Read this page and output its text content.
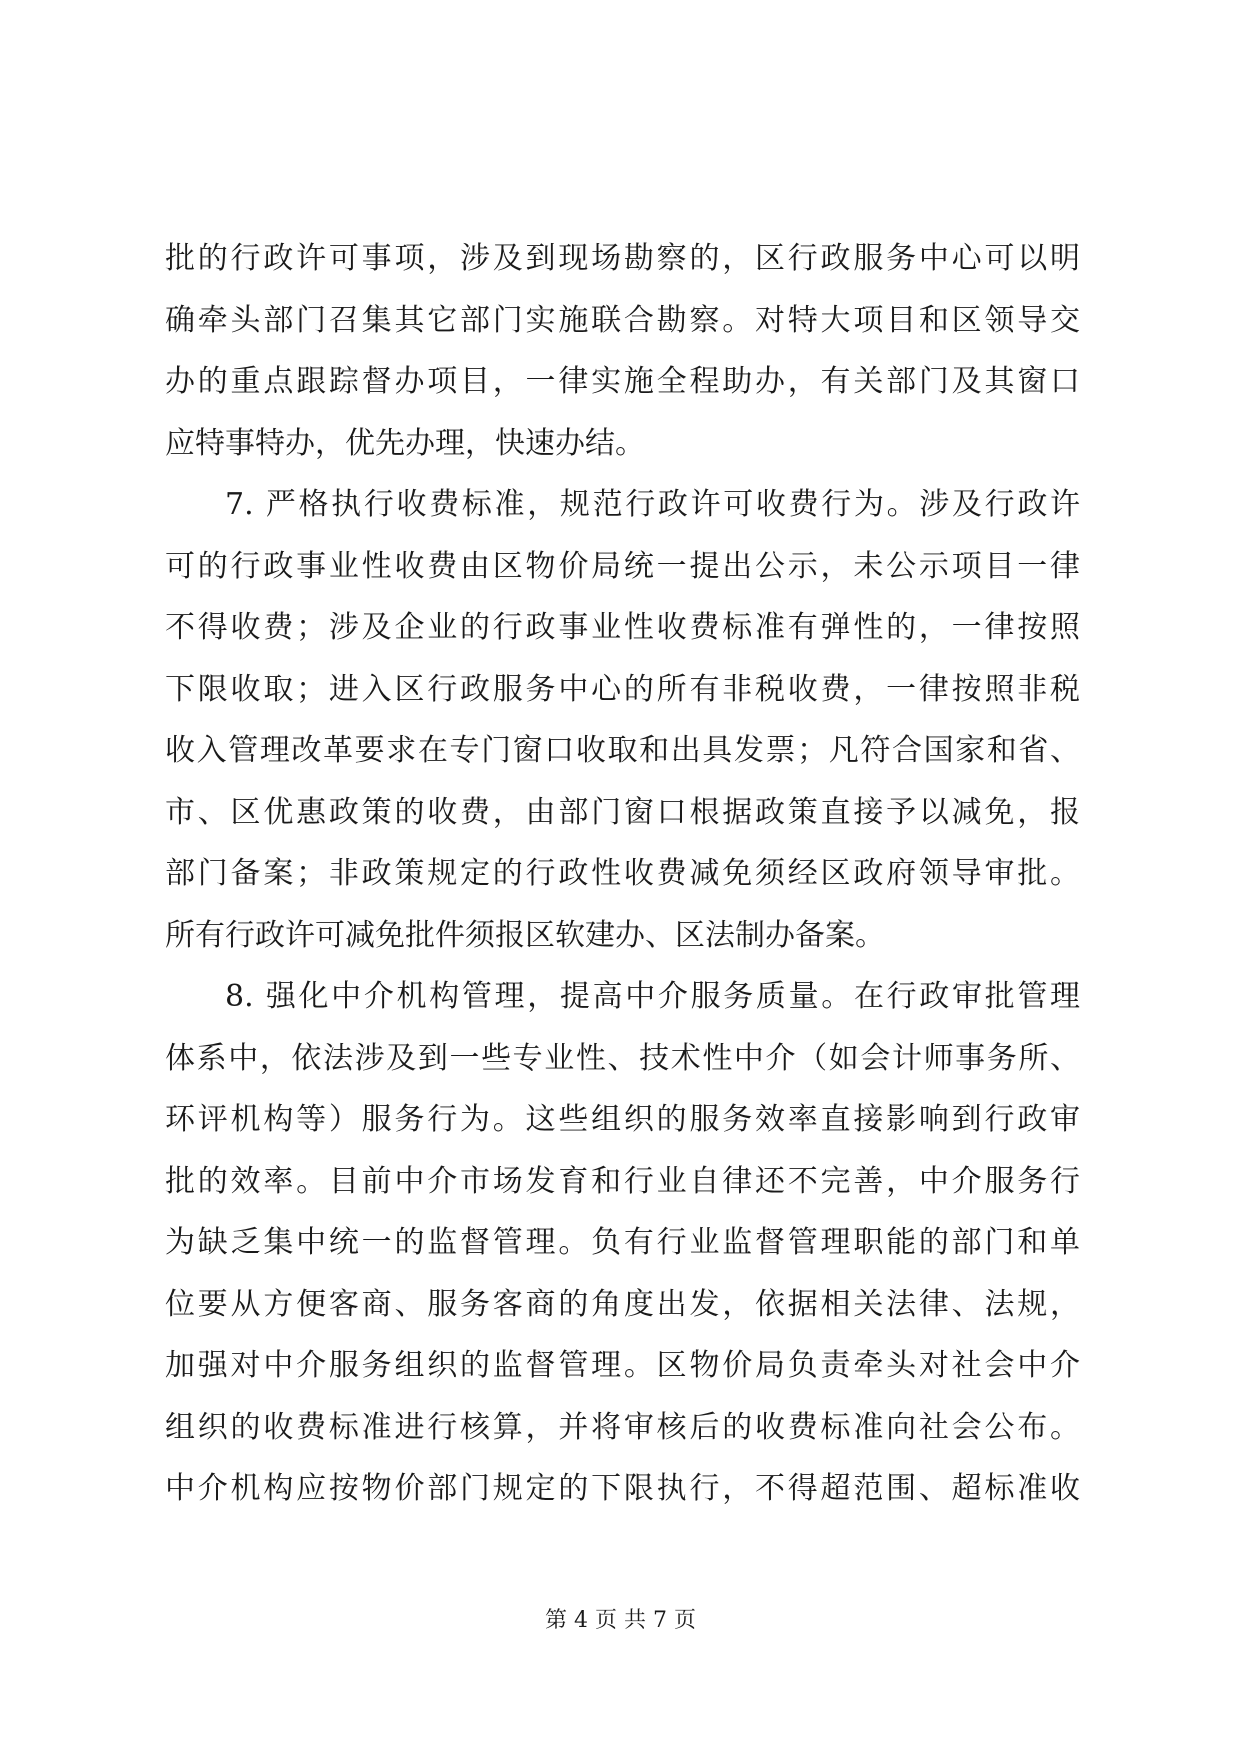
批的行政许可事项，涉及到现场勘察的，区行政服务中心可以明
确牵头部门召集其它部门实施联合勘察。对特大项目和区领导交
办的重点跟踪督办项目，一律实施全程助办，有关部门及其窗口
应特事特办，优先办理，快速办结。
7. 严格执行收费标准，规范行政许可收费行为。涉及行政许
可的行政事业性收费由区物价局统一提出公示，未公示项目一律
不得收费；涉及企业的行政事业性收费标准有弹性的，一律按照
下限收取；进入区行政服务中心的所有非税收费，一律按照非税
收入管理改革要求在专门窗口收取和出具发票；凡符合国家和省、
市、区优惠政策的收费，由部门窗口根据政策直接予以减免，报
部门备案；非政策规定的行政性收费减免须经区政府领导审批。
所有行政许可减免批件须报区软建办、区法制办备案。
8. 强化中介机构管理，提高中介服务质量。在行政审批管理
体系中，依法涉及到一些专业性、技术性中介（如会计师事务所、
环评机构等）服务行为。这些组织的服务效率直接影响到行政审
批的效率。目前中介市场发育和行业自律还不完善，中介服务行
为缺乏集中统一的监督管理。负有行业监督管理职能的部门和单
位要从方便客商、服务客商的角度出发，依据相关法律、法规，
加强对中介服务组织的监督管理。区物价局负责牵头对社会中介
组织的收费标准进行核算，并将审核后的收费标准向社会公布。
中介机构应按物价部门规定的下限执行，不得超范围、超标准收
第 4 页 共 7 页
